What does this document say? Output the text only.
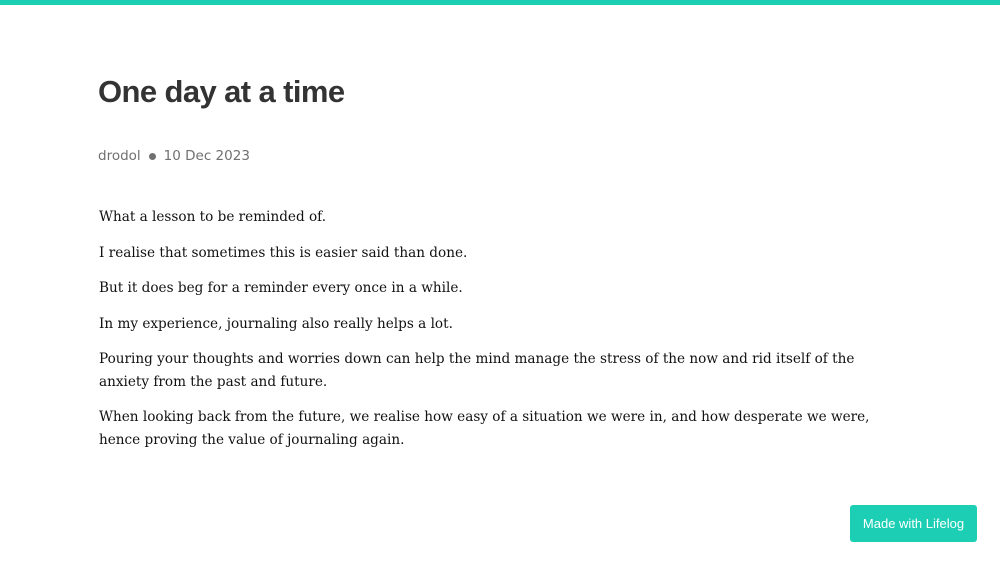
One day at a time
drodol 10 Dec 2023

What a lesson to be reminded of.

I realise that sometimes this is easier said than done.

But it does beg for a reminder every once in a while.

In my experience, journaling also really helps a lot.

Pouring your thoughts and worries down can help the mind manage the stress of the now and rid itself of the anxiety from the past and future.

When looking back from the future, we realise how easy of a situation we were in, and how desperate we were, hence proving the value of journaling again.

Made with Lifelog
